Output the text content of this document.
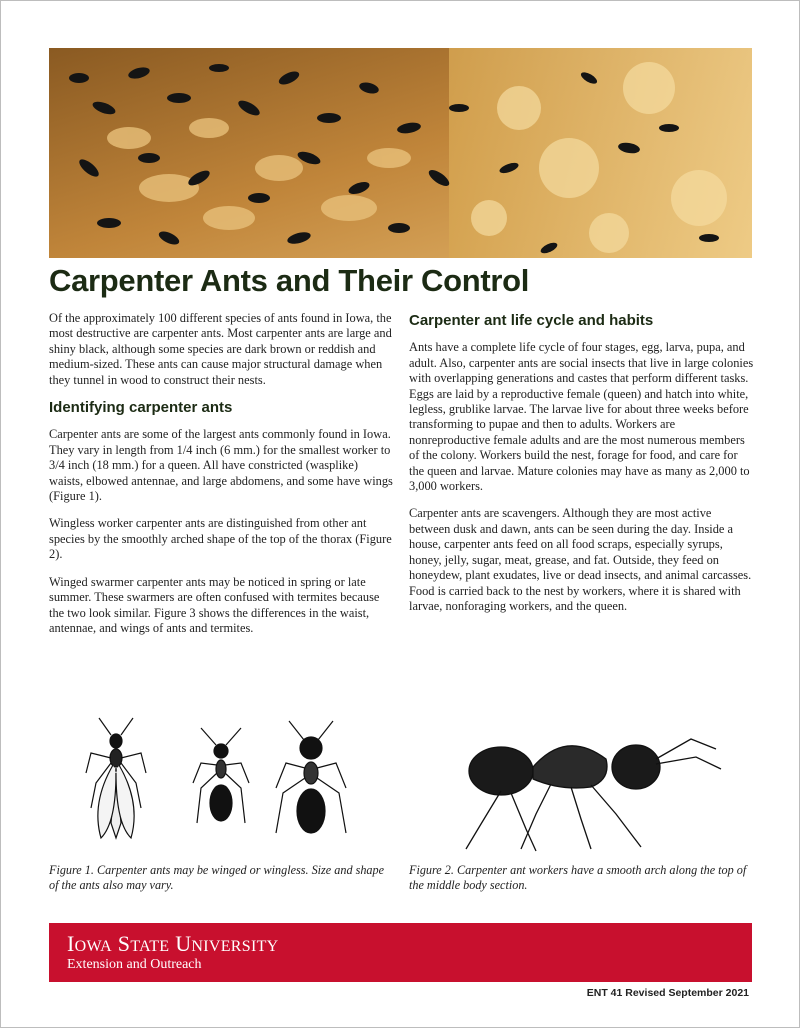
Carpenter Ants and Their Control

Of the approximately 100 different species of ants found in Iowa, the most destructive are carpenter ants. Most carpenter ants are large and shiny black, although some species are dark brown or reddish and medium-sized. These ants can cause major structural damage when they tunnel in wood to construct their nests.

Identifying carpenter ants

Carpenter ants are some of the largest ants commonly found in Iowa. They vary in length from 1/4 inch (6 mm.) for the smallest worker to 3/4 inch (18 mm.) for a queen. All have constricted (wasplike) waists, elbowed antennae, and large abdomens, and some have wings (Figure 1).

Wingless worker carpenter ants are distinguished from other ant species by the smoothly arched shape of the top of the thorax (Figure 2).

Winged swarmer carpenter ants may be noticed in spring or late summer. These swarmers are often confused with termites because the two look similar. Figure 3 shows the differences in the waist, antennae, and wings of ants and termites.

Carpenter ant life cycle and habits

Ants have a complete life cycle of four stages, egg, larva, pupa, and adult. Also, carpenter ants are social insects that live in large colonies with overlapping generations and castes that perform different tasks. Eggs are laid by a reproductive female (queen) and hatch into white, legless, grublike larvae. The larvae live for about three weeks before transforming to pupae and then to adults. Workers are nonreproductive female adults and are the most numerous members of the colony. Workers build the nest, forage for food, and care for the queen and larvae. Mature colonies may have as many as 2,000 to 3,000 workers.

Carpenter ants are scavengers. Although they are most active between dusk and dawn, ants can be seen during the day. Inside a house, carpenter ants feed on all food scraps, especially syrups, honey, jelly, sugar, meat, grease, and fat. Outside, they feed on honeydew, plant exudates, live or dead insects, and animal carcasses. Food is carried back to the nest by workers, where it is shared with larvae, nonforaging workers, and the queen.

Figure 1. Carpenter ants may be winged or wingless. Size and shape of the ants also may vary.
Figure 2. Carpenter ant workers have a smooth arch along the top of the middle body section.
IOWA STATE UNIVERSITY
Extension and Outreach
ENT 41 Revised September 2021
